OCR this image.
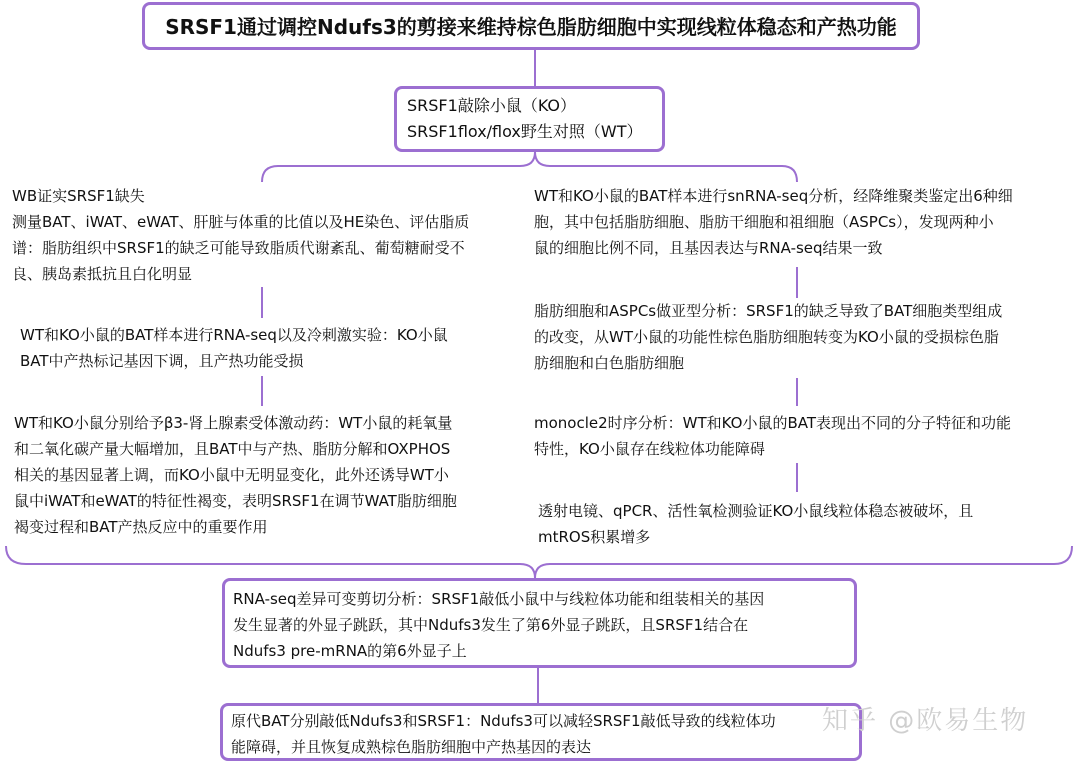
SRSF1通过调控Ndufs3的剪接来维持棕色脂肪细胞中实现线粒体稳态和产热功能
SRSF1敲除小鼠（KO）
SRSF1flox/flox野生对照（WT）
WB证实SRSF1缺失
测量BAT、iWAT、eWAT、肝脏与体重的比值以及HE染色、评估脂质
谱：脂肪组织中SRSF1的缺乏可能导致脂质代谢紊乱、葡萄糖耐受不
良、胰岛素抵抗且白化明显
WT和KO小鼠的BAT样本进行RNA-seq以及冷刺激实验：KO小鼠
BAT中产热标记基因下调，且产热功能受损
WT和KO小鼠分别给予β3-肾上腺素受体激动药：WT小鼠的耗氧量
和二氧化碳产量大幅增加，且BAT中与产热、脂肪分解和OXPHOS
相关的基因显著上调，而KO小鼠中无明显变化，此外还诱导WT小
鼠中iWAT和eWAT的特征性褐变，表明SRSF1在调节WAT脂肪细胞
褐变过程和BAT产热反应中的重要作用
WT和KO小鼠的BAT样本进行snRNA-seq分析，经降维聚类鉴定出6种细
胞，其中包括脂肪细胞、脂肪干细胞和祖细胞（ASPCs），发现两种小
鼠的细胞比例不同，且基因表达与RNA-seq结果一致
脂肪细胞和ASPCs做亚型分析：SRSF1的缺乏导致了BAT细胞类型组成
的改变，从WT小鼠的功能性棕色脂肪细胞转变为KO小鼠的受损棕色脂
肪细胞和白色脂肪细胞
monocle2时序分析：WT和KO小鼠的BAT表现出不同的分子特征和功能
特性，KO小鼠存在线粒体功能障碍
透射电镜、qPCR、活性氧检测验证KO小鼠线粒体稳态被破坏，且
mtROS积累增多
RNA-seq差异可变剪切分析：SRSF1敲低小鼠中与线粒体功能和组装相关的基因
发生显著的外显子跳跃，其中Ndufs3发生了第6外显子跳跃，且SRSF1结合在
Ndufs3 pre-mRNA的第6外显子上
原代BAT分别敲低Ndufs3和SRSF1：Ndufs3可以减轻SRSF1敲低导致的线粒体功
能障碍，并且恢复成熟棕色脂肪细胞中产热基因的表达
知乎 @欧易生物
